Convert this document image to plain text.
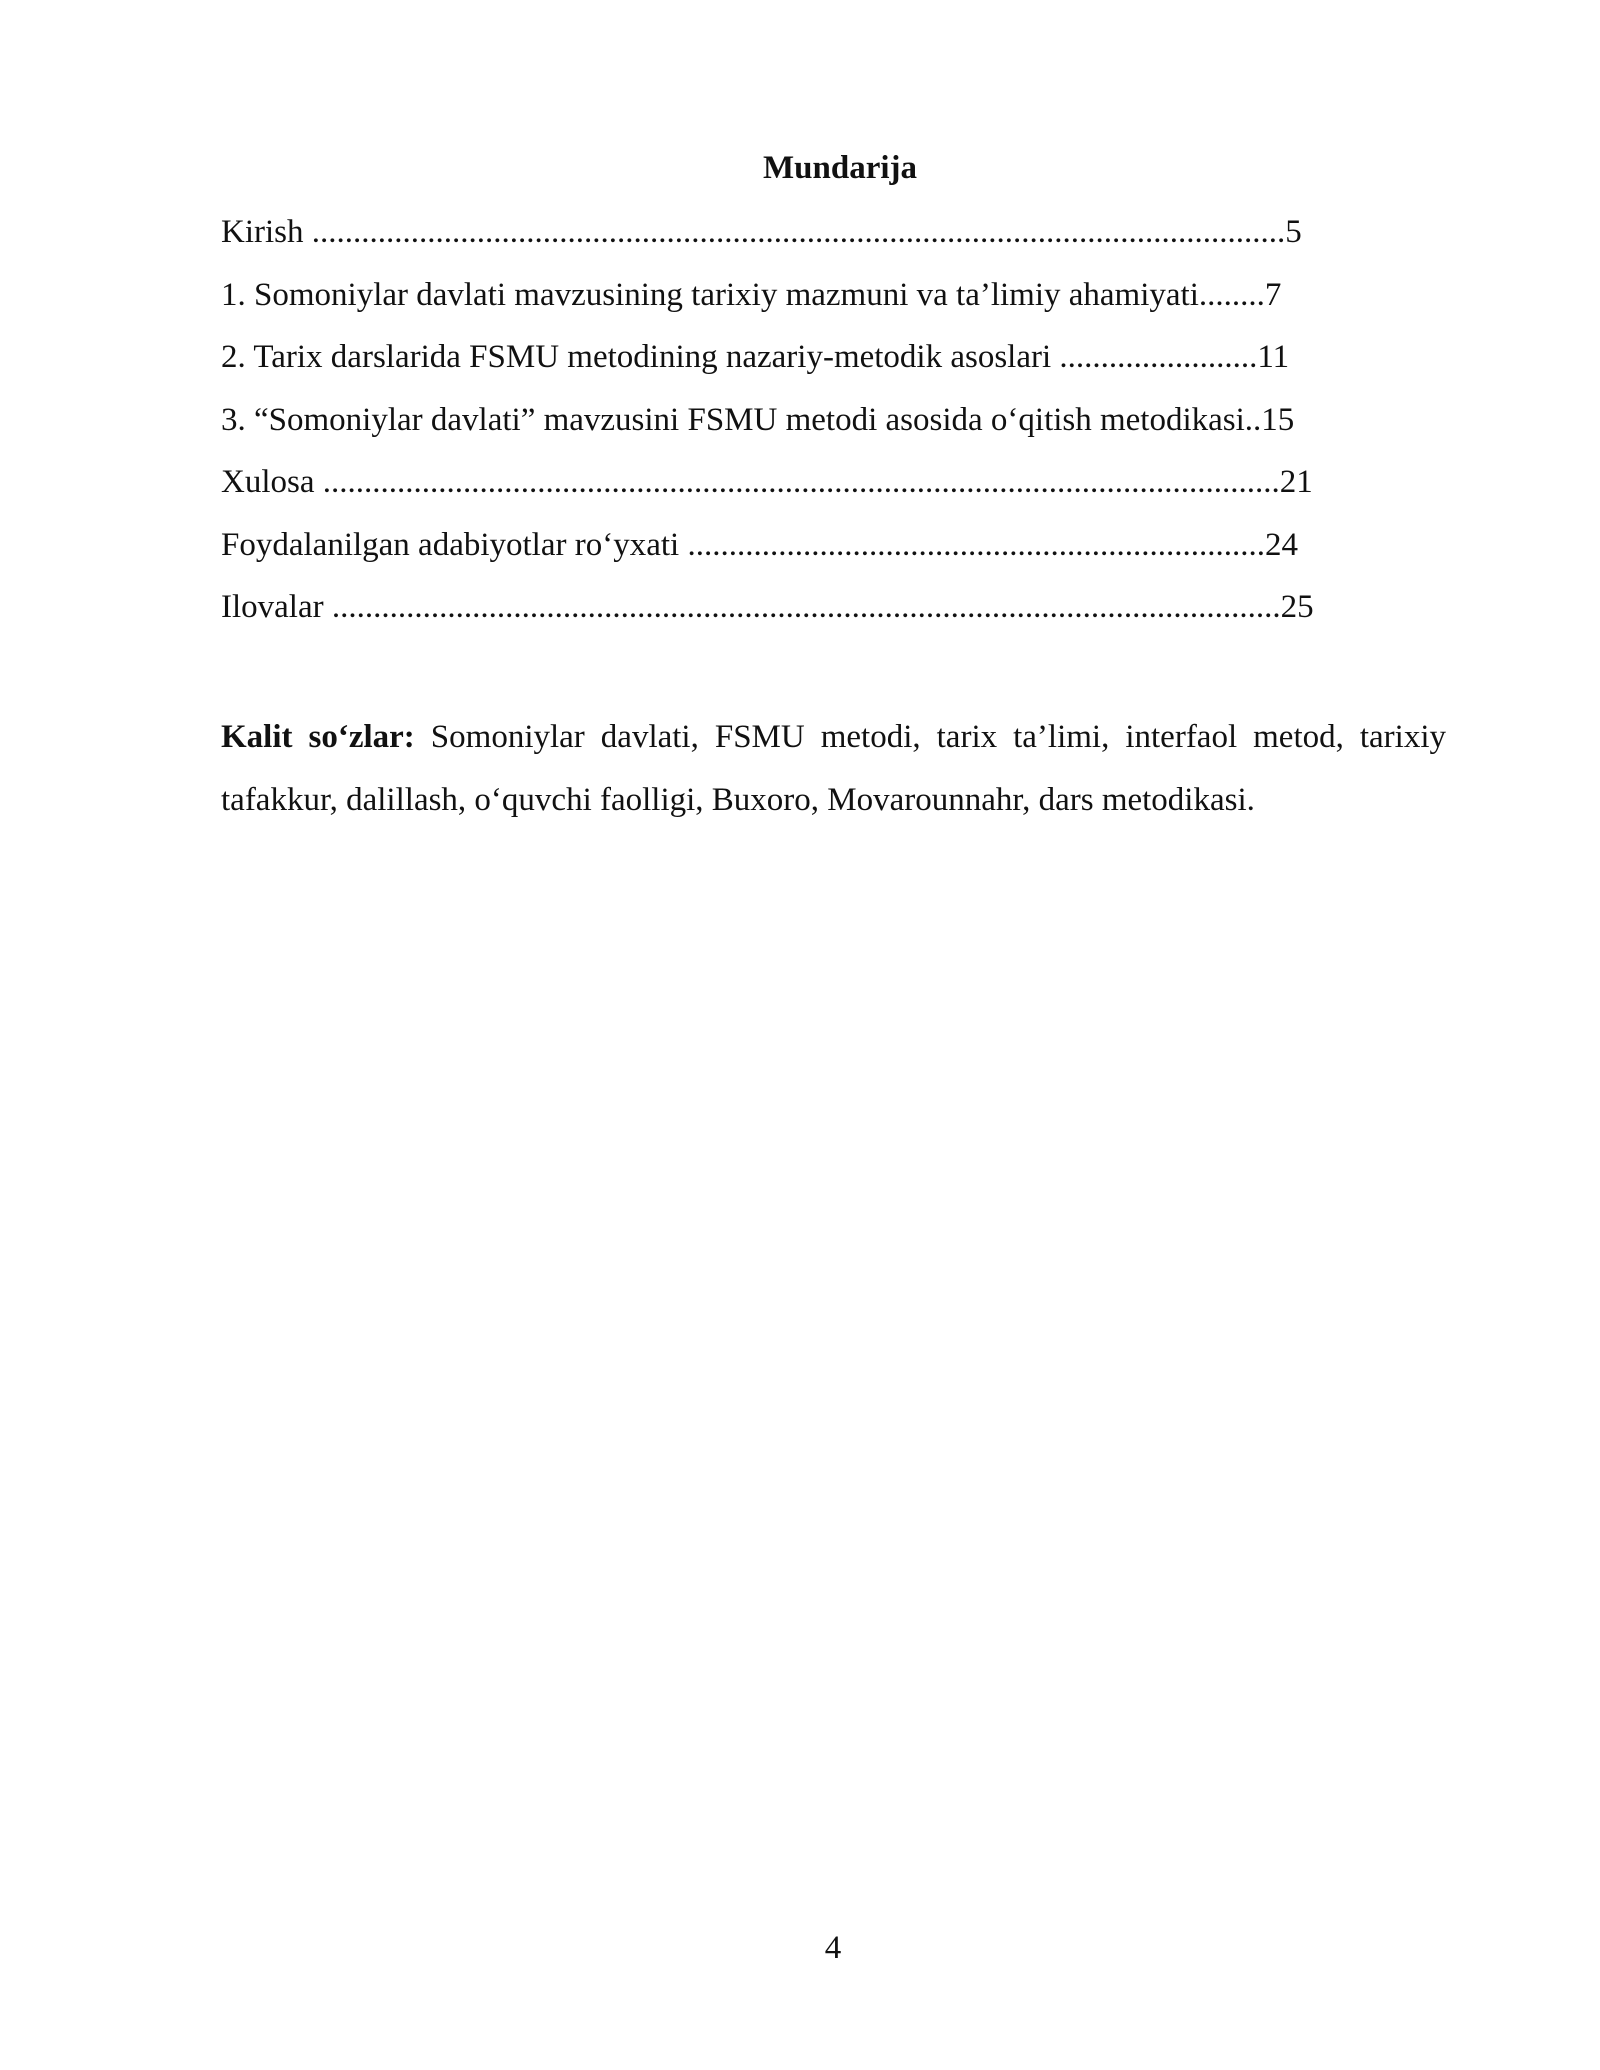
Mundarija
Kirish ......................................................................................................................5
1. Somoniylar davlati mavzusining tarixiy mazmuni va ta’limiy ahamiyati........7
2. Tarix darslarida FSMU metodining nazariy-metodik asoslari ........................11
3. “Somoniylar davlati” mavzusini FSMU metodi asosida oʻqitish metodikasi..15
Xulosa ....................................................................................................................21
Foydalanilgan adabiyotlar roʻyxati ......................................................................24
Ilovalar ...................................................................................................................25
Kalit soʻzlar: Somoniylar davlati, FSMU metodi, tarix ta’limi, interfaol metod, tarixiy tafakkur, dalillash, oʻquvchi faolligi, Buxoro, Movarounnahr, dars metodikasi.
4
